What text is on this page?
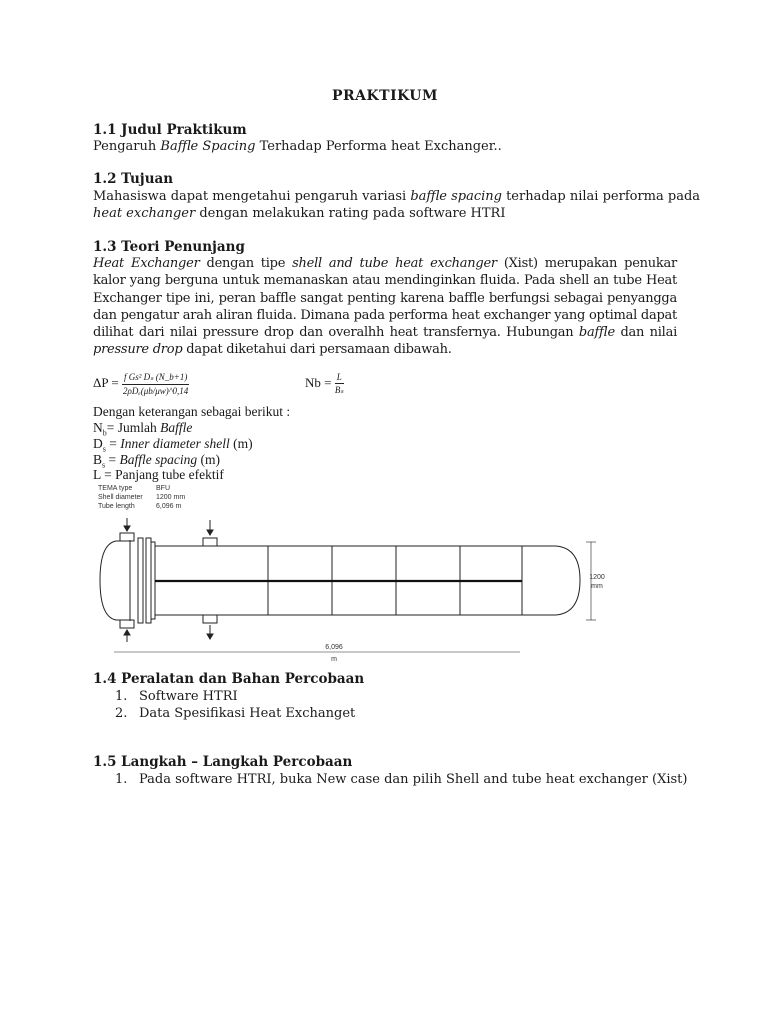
PRAKTIKUM
1.1 Judul Praktikum
Pengaruh Baffle Spacing Terhadap Performa heat Exchanger..
1.2 Tujuan
Mahasiswa dapat mengetahui pengaruh variasi baffle spacing terhadap nilai performa pada
heat exchanger dengan melakukan rating pada software HTRI
1.3 Teori Penunjang
Heat Exchanger dengan tipe shell and tube heat exchanger (Xist) merupakan penukar kalor yang berguna untuk memanaskan atau mendinginkan fluida. Pada shell an tube Heat Exchanger tipe ini, peran baffle sangat penting karena baffle berfungsi sebagai penyangga dan pengatur arah aliran fluida. Dimana pada performa heat exchanger yang optimal dapat dilihat dari nilai pressure drop dan overalhh heat transfernya. Hubungan baffle dan nilai pressure drop dapat diketahui dari persamaan dibawah.
$\Delta P = \frac{\text{f Gs² Dₛ (N\_b+1)}}{\text{2ρDₑ(μb/μw)\textasciicircum{}0,14}}$	$Nb = \frac{L}{\text{Bₛ}}$
Dengan keterangan sebagai berikut :
$N_b=$ Jumlah Baffle
$D_s$ = Inner diameter shell (m)
$B_s$ = Baffle spacing (m)
L = Panjang tube efektif
1.4 Peralatan dan Bahan Percobaan
1. Software HTRI
2. Data Spesifikasi Heat Exchanget
1.5 Langkah – Langkah Percobaan
1. Pada software HTRI, buka New case dan pilih Shell and tube heat exchanger (Xist)
TEMA type	BFU
Shell diameter 1200 mm
Tube length	6,096 m
6,096
m
1200
mm
